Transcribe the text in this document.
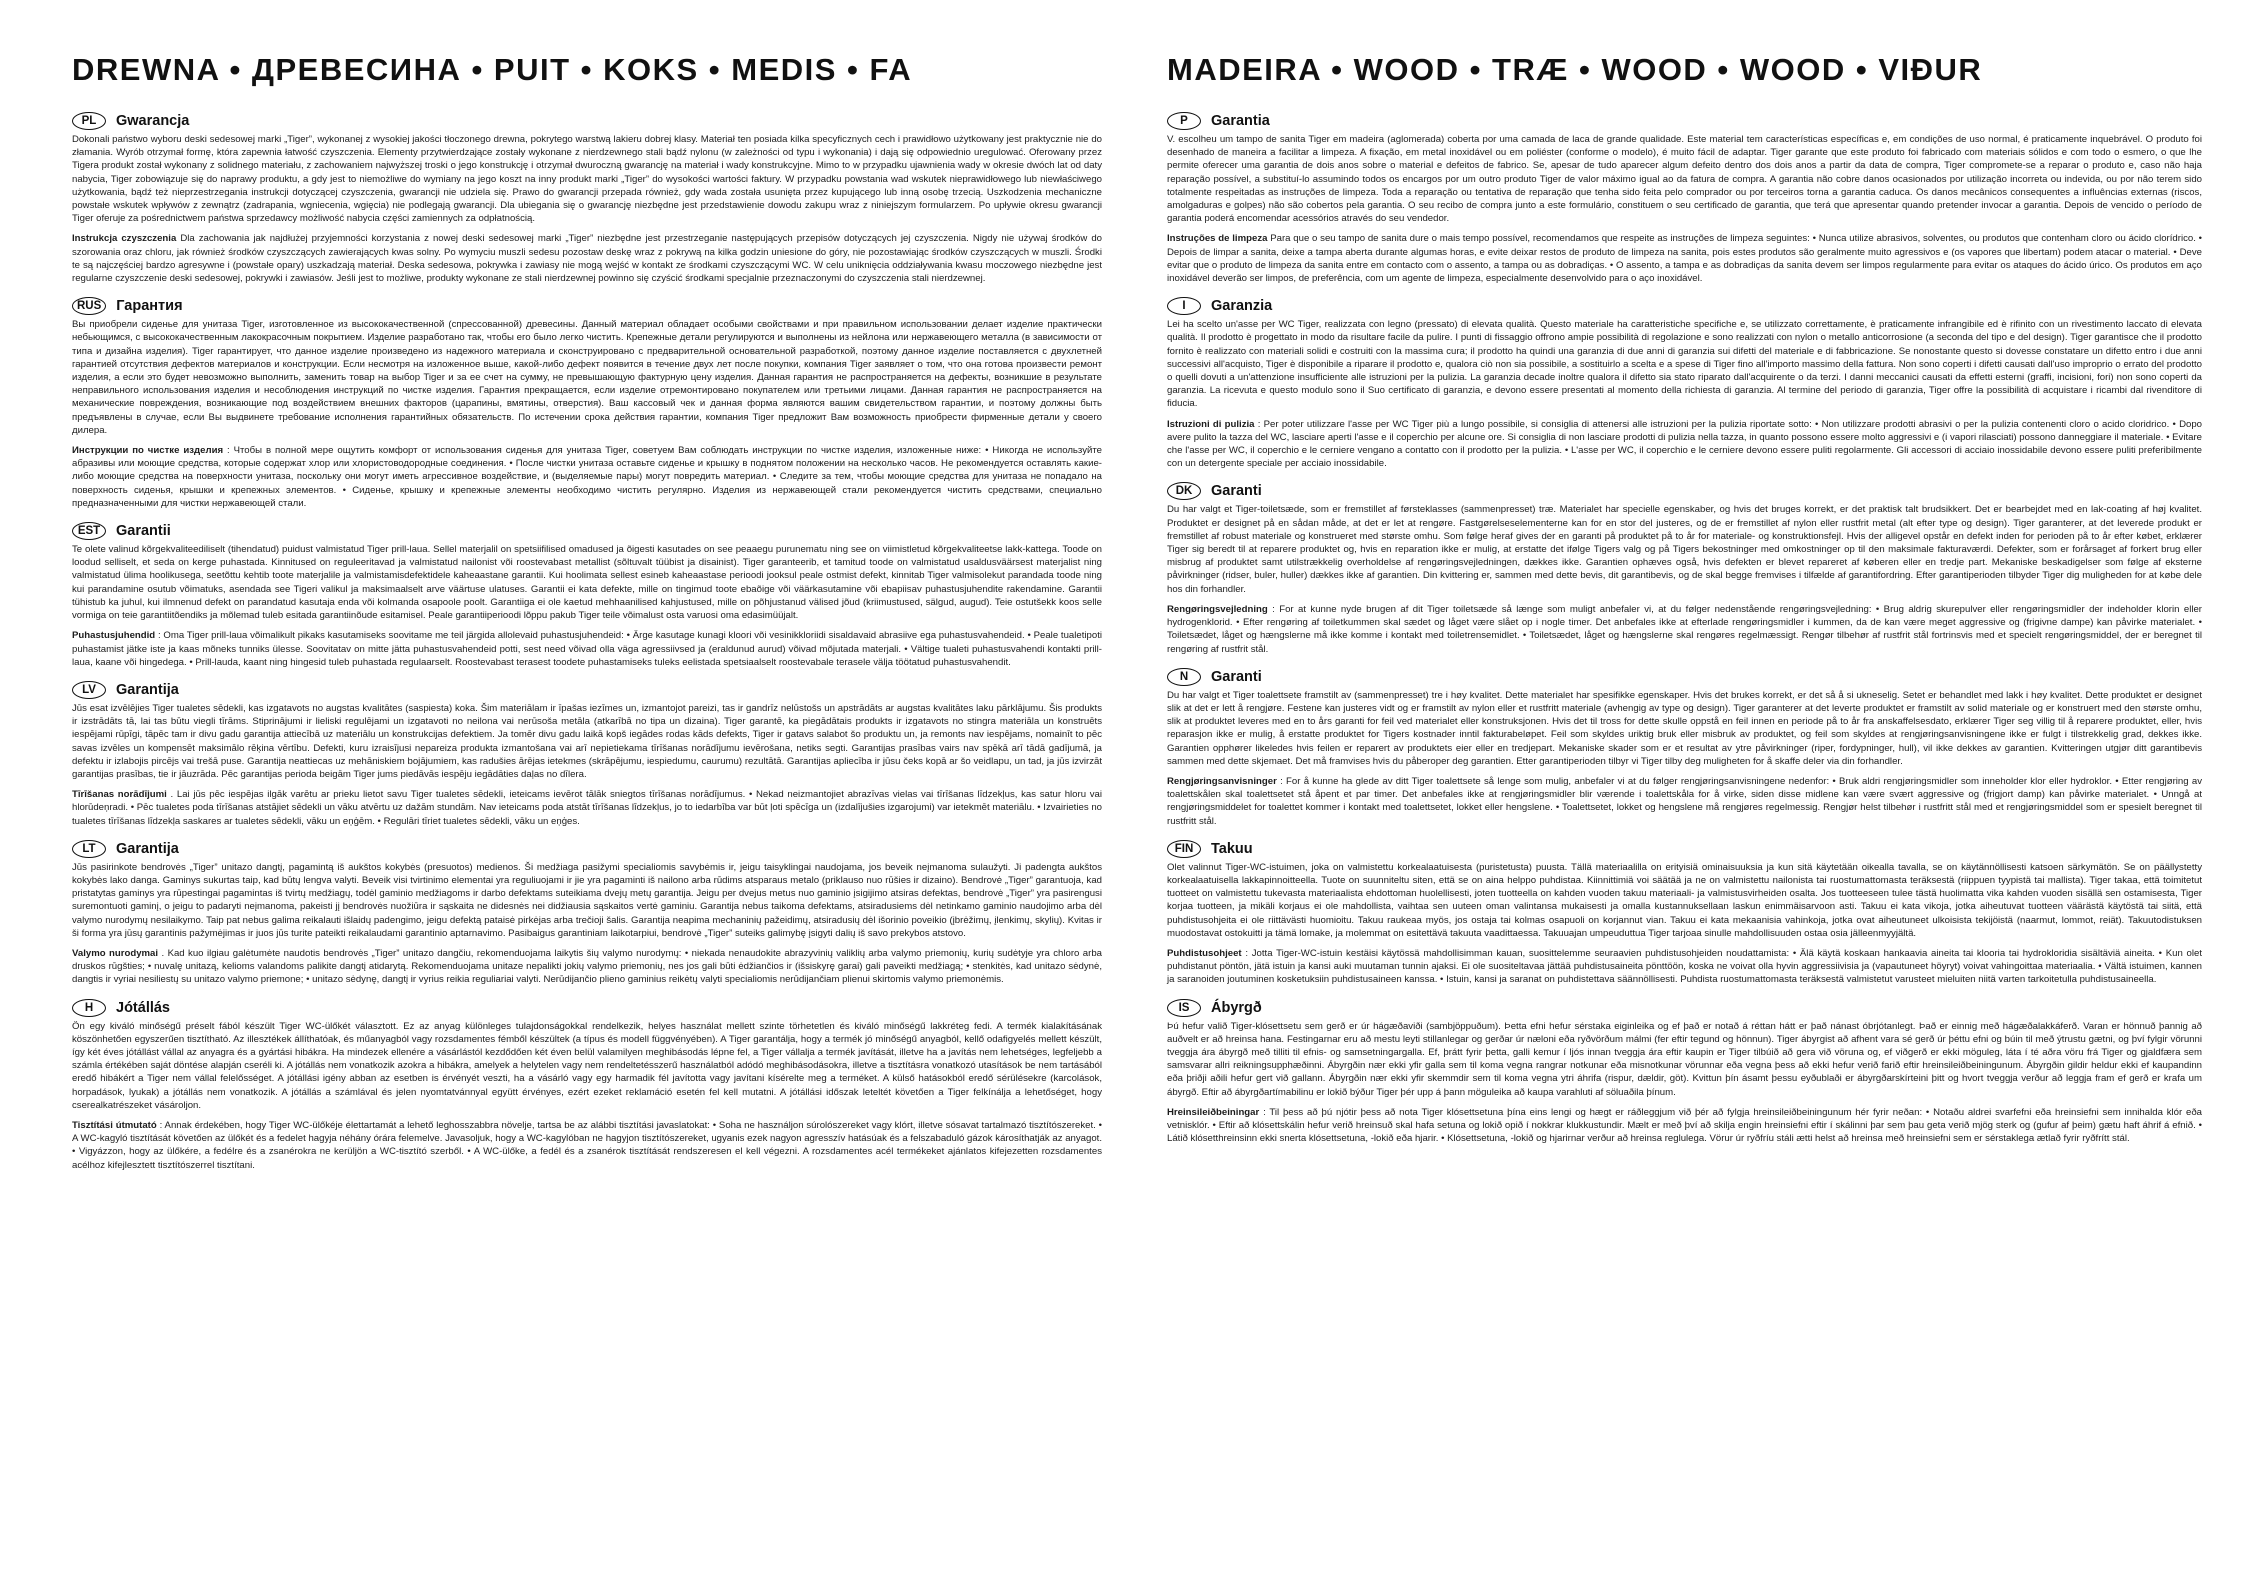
DREWNA • ДРЕВЕСИНА • PUIT • KOKS • MEDIS • FA
PL	Gwarancja

Dokonali państwo wyboru deski sedesowej marki „Tiger”, wykonanej z wysokiej jakości tłoczonego drewna, pokrytego warstwą lakieru dobrej klasy. Materiał ten posiada kilka specyficznych cech i prawidłowo użytkowany jest praktycznie nie do złamania. Wyrób otrzymał formę, która zapewnia łatwość czyszczenia. Elementy przytwierdzające zostały wykonane z nierdzewnego stali bądź nylonu (w zależności od typu i wykonania) i dają się odpowiednio uregulować. Oferowany przez Tigera produkt został wykonany z solidnego materiału, z zachowaniem najwyższej troski o jego konstrukcję i otrzymał dwuroczną gwarancję na materiał i wady konstrukcyjne. Mimo to w przypadku ujawnienia wady w okresie dwóch lat od daty nabycia, Tiger zobowiązuje się do naprawy produktu, a gdy jest to niemożliwe do wymiany na jego koszt na inny produkt marki „Tiger” do wysokości wartości faktury. W przypadku powstania wad wskutek nieprawidłowego lub niewłaściwego użytkowania, bądź też nieprzestrzegania instrukcji dotyczącej czyszczenia, gwarancji nie udziela się. Prawo do gwarancji przepada również, gdy wada została usunięta przez kupującego lub inną osobę trzecią. Uszkodzenia mechaniczne powstałe wskutek wpływów z zewnątrz (zadrapania, wgniecenia, wgięcia) nie podlegają gwarancji. Dla ubiegania się o gwarancję niezbędne jest przedstawienie dowodu zakupu wraz z niniejszym formularzem. Po upływie okresu gwarancji Tiger oferuje za pośrednictwem państwa sprzedawcy możliwość nabycia części zamiennych za odpłatnością.

Instrukcja czyszczenia Dla zachowania jak najdłużej przyjemności korzystania z nowej deski sedesowej marki „Tiger” niezbędne jest przestrzeganie następujących przepisów dotyczących jej czyszczenia. Nigdy nie używaj środków do szorowania oraz chloru, jak również środków czyszczących zawierających kwas solny. Po wymyciu muszli sedesu pozostaw deskę wraz z pokrywą na kilka godzin uniesione do góry, nie pozostawiając środków czyszczących w muszli. Środki te są najczęściej bardzo agresywne i (powstałe opary) uszkadzają materiał. Deska sedesowa, pokrywka i zawiasy nie mogą wejść w kontakt ze środkami czyszczącymi WC. W celu uniknięcia oddziaływania kwasu moczowego niezbędne jest regularne czyszczenie deski sedesowej, pokrywki i zawiasów. Jeśli jest to możliwe, produkty wykonane ze stali nierdzewnej powinno się czyścić środkami specjalnie przeznaczonymi do czyszczenia stali nierdzewnej.

RUS	Гарантия

Вы приобрели сиденье для унитаза Tiger, изготовленное из высококачественной (спрессованной) древесины. Данный материал обладает особыми свойствами и при правильном использовании делает изделие практически небьющимся, с высококачественным лакокрасочным покрытием. Изделие разработано так, чтобы его было легко чистить. Крепежные детали регулируются и выполнены из нейлона или нержавеющего металла (в зависимости от типа и дизайна изделия). Tiger гарантирует, что данное изделие произведено из надежного материала и сконструировано с предварительной основательной разработкой, поэтому данное изделие поставляется с двухлетней гарантией отсутствия дефектов материалов и конструкции. Если несмотря на изложенное выше, какой-либо дефект появится в течение двух лет после покупки, компания Tiger заявляет о том, что она готова произвести ремонт изделия, а если это будет невозможно выполнить, заменить товар на выбор Tiger и за ее счет на сумму, не превышающую фактурную цену изделия. Данная гарантия не распространяется на дефекты, возникшие в результате неправильного использования изделия и несоблюдения инструкций по чистке изделия. Гарантия прекращается, если изделие отремонтировано покупателем или третьими лицами. Данная гарантия не распространяется на механические повреждения, возникающие под воздействием внешних факторов (царапины, вмятины, отверстия). Ваш кассовый чек и данная форма являются вашим свидетельством гарантии, и поэтому должны быть предъявлены в случае, если Вы выдвинете требование исполнения гарантийных обязательств. По истечении срока действия гарантии, компания Tiger предложит Вам возможность приобрести фирменные детали у своего дилера.

Инструкции по чистке изделия : Чтобы в полной мере ощутить комфорт от использования сиденья для унитаза Tiger, советуем Вам соблюдать инструкции по чистке изделия, изложенные ниже: • Никогда не используйте абразивы или моющие средства, которые содержат хлор или хлористоводородные соединения. • После чистки унитаза оставьте сиденье и крышку в поднятом положении на несколько часов. Не рекомендуется оставлять какие-либо моющие средства на поверхности унитаза, поскольку они могут иметь агрессивное воздействие, и (выделяемые пары) могут повредить материал. • Следите за тем, чтобы моющие средства для унитаза не попадало на поверхность сиденья, крышки и крепежных элементов. • Сиденье, крышку и крепежные элементы необходимо чистить регулярно. Изделия из нержавеющей стали рекомендуется чистить средствами, специально предназначенными для чистки нержавеющей стали.

EST	Garantii

Te olete valinud kõrgekvaliteediliselt (tihendatud) puidust valmistatud Tiger prill-laua. Sellel materjalil on spetsiifilised omadused ja õigesti kasutades on see peaaegu purunematu ning see on viimistletud kõrgekvaliteetse lakk-kattega. Toode on loodud selliselt, et seda on kerge puhastada. Kinnitused on reguleeritavad ja valmistatud nailonist või roostevabast metallist (sõltuvalt tüübist ja disainist). Tiger garanteerib, et tamitud toode on valmistatud usaldusväärsest materjalist ning valmistatud ülima hoolikusega, seetõttu kehtib toote materjalile ja valmistamisdefektidele kaheaastane garantii. Kui hoolimata sellest esineb kaheaastase perioodi jooksul peale ostmist defekt, kinnitab Tiger valmisolekut parandada toode ning kui parandamine osutub võimatuks, asendada see Tigeri valikul ja maksimaalselt arve väärtuse ulatuses. Garantii ei kata defekte, mille on tingimud toote ebaõige või väärkasutamine või ebapiisav puhastusjuhendite rakendamine. Garantii tühistub ka juhul, kui ilmnenud defekt on parandatud kasutaja enda või kolmanda osapoole poolt. Garantiiga ei ole kaetud mehhaanilised kahjustused, mille on põhjustanud välised jõud (kriimustused, sälgud, augud). Teie ostutšekk koos selle vormiga on teie garantiitõendiks ja mõlemad tuleb esitada garantiinõude esitamisel. Peale garantiiperioodi lõppu pakub Tiger teile võimalust osta varuosi oma edasimüüjalt.

Puhastusjuhendid : Oma Tiger prill-laua võimalikult pikaks kasutamiseks soovitame me teil järgida allolevaid puhastusjuhendeid: • Ärge kasutage kunagi kloori või vesinikkloriidi sisaldavaid abrasiive ega puhastusvahendeid. • Peale tualetipoti puhastamist jätke iste ja kaas mõneks tunniks ülesse. Soovitatav on mitte jätta puhastusvahendeid potti, sest need võivad olla väga agressiivsed ja (eraldunud aurud) võivad mõjutada materjali. • Vältige tualeti puhastusvahendi kontakti prill-laua, kaane või hingedega. • Prill-lauda, kaant ning hingesid tuleb puhastada regulaarselt. Roostevabast terasest toodete puhastamiseks tuleks eelistada spetsiaalselt roostevabale terasele välja töötatud puhastusvahendit.

LV	Garantija

Jūs esat izvēlējies Tiger tualetes sēdekli, kas izgatavots no augstas kvalitātes (saspiesta) koka. Šim materiālam ir īpašas iezīmes un, izmantojot pareizi, tas ir gandrīz nelūstošs un apstrādāts ar augstas kvalitātes laku pārklājumu. Šis produkts ir izstrādāts tā, lai tas būtu viegli tīrāms. Stiprinājumi ir lieliski regulējami un izgatavoti no neilona vai nerūsoša metāla (atkarībā no tipa un dizaina). Tiger garantē, ka piegādātais produkts ir izgatavots no stingra materiāla un konstruēts iespējami rūpīgi, tāpēc tam ir divu gadu garantija attiecībā uz materiālu un konstrukcijas defektiem. Ja tomēr divu gadu laikā kopš iegādes rodas kāds defekts, Tiger ir gatavs salabot šo produktu un, ja remonts nav iespējams, nomainīt to pēc savas izvēles un kompensēt maksimālo rēķina vērtību. Defekti, kuru izraisījusi nepareiza produkta izmantošana vai arī nepietiekama tīrīšanas norādījumu ievērošana, netiks segti. Garantijas prasības vairs nav spēkā arī tādā gadījumā, ja defektu ir izlabojis pircējs vai trešā puse. Garantija neattiecas uz mehāniskiem bojājumiem, kas radušies ārējas ietekmes (skrāpējumu, iespiedumu, caurumu) rezultātā. Garantijas apliecība ir jūsu čeks kopā ar šo veidlapu, un tad, ja jūs izvirzāt garantijas prasības, tie ir jāuzrāda. Pēc garantijas perioda beigām Tiger jums piedāvās iespēju iegādāties daļas no dīlera.

Tīrīšanas norādījumi . Lai jūs pēc iespējas ilgāk varētu ar prieku lietot savu Tiger tualetes sēdekli, ieteicams ievērot tālāk sniegtos tīrīšanas norādījumus. • Nekad neizmantojiet abrazīvas vielas vai tīrīšanas līdzekļus, kas satur hloru vai hlorūdeņradi. • Pēc tualetes poda tīrīšanas atstājiet sēdekli un vāku atvērtu uz dažām stundām. Nav ieteicams poda atstāt tīrīšanas līdzekļus, jo to iedarbība var būt ļoti spēcīga un (izdalījušies izgarojumi) var ietekmēt materiālu. • Izvairieties no tualetes tīrīšanas līdzekļa saskares ar tualetes sēdekli, vāku un eņģēm. • Regulāri tīriet tualetes sēdekli, vāku un eņģes.

LT	Garantija

Jūs pasirinkote bendrovės „Tiger” unitazo dangtį, pagamintą iš aukštos kokybės (presuotos) medienos. Ši medžiaga pasižymi specialiomis savybėmis ir, jeigu taisyklingai naudojama, jos beveik neįmanoma sulaužyti. Ji padengta aukštos kokybės lako danga. Gaminys sukurtas taip, kad būtų lengva valyti. Beveik visi tvirtinimo elementai yra reguliuojami ir jie yra pagaminti iš nailono arba rūdims atsparaus metalo (priklauso nuo rūšies ir dizaino). Bendrovė „Tiger” garantuoja, kad pristatytas gaminys yra rūpestingai pagamintas iš tvirtų medžiagų, todėl gaminio medžiagoms ir darbo defektams suteikiama dvejų metų garantija. Jeigu per dvejus metus nuo gaminio įsigijimo atsiras defektas, bendrovė „Tiger” yra pasirengusi suremontuoti gaminį, o jeigu to padaryti neįmanoma, pakeisti jį bendrovės nuožiūra ir sąskaita ne didesnės nei didžiausia sąskaitos vertė gaminiu. Garantija nebus taikoma defektams, atsiradusiems dėl netinkamo gaminio naudojimo arba dėl valymo nurodymų nesilaikymo. Taip pat nebus galima reikalauti išlaidų padengimo, jeigu defektą pataisė pirkėjas arba trečioji šalis. Garantija neapima mechaninių pažeidimų, atsiradusių dėl išorinio poveikio (įbrėžimų, įlenkimų, skylių). Kvitas ir ši forma yra jūsų garantinis pažymėjimas ir juos jūs turite pateikti reikalaudami garantinio aptarnavimo. Pasibaigus garantiniam laikotarpiui, bendrovė „Tiger” suteiks galimybę įsigyti dalių iš savo prekybos atstovo.

Valymo nurodymai . Kad kuo ilgiau galėtumėte naudotis bendrovės „Tiger” unitazo dangčiu, rekomenduojama laikytis šių valymo nurodymų: • niekada nenaudokite abrazyvinių valiklių arba valymo priemonių, kurių sudėtyje yra chloro arba druskos rūgšties; • nuvalę unitazą, kelioms valandoms palikite dangtį atidarytą. Rekomenduojama unitaze nepalikti jokių valymo priemonių, nes jos gali būti ėdžiančios ir (išsiskyrę garai) gali paveikti medžiagą; • stenkitės, kad unitazo sėdynė, dangtis ir vyriai nesiliestų su unitazo valymo priemone; • unitazo sėdynę, dangtį ir vyrius reikia reguliariai valyti. Nerūdijančio plieno gaminius reikėtų valyti specialiomis nerūdijančiam plienui skirtomis valymo priemonėmis.

H	Jótállás

Ön egy kiváló minőségű préselt fából készült Tiger WC-ülőkét választott. Ez az anyag különleges tulajdonságokkal rendelkezik, helyes használat mellett szinte törhetetlen és kiváló minőségű lakkréteg fedi. A termék kialakításának köszönhetően egyszerűen tisztítható. Az illesztékek állíthatóak, és műanyagból vagy rozsdamentes fémből készültek (a típus és modell függvényében). A Tiger garantálja, hogy a termék jó minőségű anyagból, kellő odafigyelés mellett készült, így két éves jótállást vállal az anyagra és a gyártási hibákra. Ha mindezek ellenére a vásárlástól kezdődően két éven belül valamilyen meghibásodás lépne fel, a Tiger vállalja a termék javítását, illetve ha a javítás nem lehetséges, legfeljebb a számla értékében saját döntése alapján cseréli ki. A jótállás nem vonatkozik azokra a hibákra, amelyek a helytelen vagy nem rendeltetésszerű használatból adódó meghibásodásokra, illetve a tisztításra vonatkozó utasítások be nem tartásából eredő hibákért a Tiger nem vállal felelősséget. A jótállási igény abban az esetben is érvényét veszti, ha a vásárló vagy egy harmadik fél javította vagy javítani kísérelte meg a terméket. A külső hatásokból eredő sérülésekre (karcolások, horpadások, lyukak) a jótállás nem vonatkozik. A jótállás a számlával és jelen nyomtatvánnyal együtt érvényes, ezért ezeket reklamáció esetén fel kell mutatni. A jótállási időszak leteltét követően a Tiger felkínálja a lehetőséget, hogy cserealkatrészeket vásároljon.

Tisztítási útmutató : Annak érdekében, hogy Tiger WC-ülőkéje élettartamát a lehető leghosszabbra növelje, tartsa be az alábbi tisztítási javaslatokat: • Soha ne használjon súrolószereket vagy klórt, illetve sósavat tartalmazó tisztítószereket. • A WC-kagyló tisztítását követően az ülőkét és a fedelet hagyja néhány órára felemelve. Javasoljuk, hogy a WC-kagylóban ne hagyjon tisztítószereket, ugyanis ezek nagyon agresszív hatásúak és a felszabaduló gázok károsíthatják az anyagot. • Vigyázzon, hogy az ülőkére, a fedélre és a zsanérokra ne kerüljön a WC-tisztító szerből. • A WC-ülőke, a fedél és a zsanérok tisztítását rendszeresen el kell végezni. A rozsdamentes acél termékeket ajánlatos kifejezetten rozsdamentes acélhoz kifejlesztett tisztítószerrel tisztítani.

MADEIRA • WOOD • TRÆ • WOOD • WOOD • VIÐUR
P	Garantia

V. escolheu um tampo de sanita Tiger em madeira (aglomerada) coberta por uma camada de laca de grande qualidade. Este material tem características específicas e, em condições de uso normal, é praticamente inquebrável. O produto foi desenhado de maneira a facilitar a limpeza. A fixação, em metal inoxidável ou em poliéster (conforme o modelo), é muito fácil de adaptar. Tiger garante que este produto foi fabricado com materiais sólidos e com todo o esmero, o que lhe permite oferecer uma garantia de dois anos sobre o material e defeitos de fabrico. Se, apesar de tudo aparecer algum defeito dentro dos dois anos a partir da data de compra, Tiger compromete-se a reparar o produto e, caso não haja reparação possível, a substituí-lo assumindo todos os encargos por um outro produto Tiger de valor máximo igual ao da fatura de compra. A garantia não cobre danos ocasionados por utilização incorreta ou indevida, ou por não terem sido totalmente respeitadas as instruções de limpeza. Toda a reparação ou tentativa de reparação que tenha sido feita pelo comprador ou por terceiros torna a garantia caduca. Os danos mecânicos consequentes a influências externas (riscos, amolgaduras e golpes) não são cobertos pela garantia. O seu recibo de compra junto a este formulário, constituem o seu certificado de garantia, que terá que apresentar quando pretender invocar a garantia. Depois de vencido o período de garantia poderá encomendar acessórios através do seu vendedor.

Instruções de limpeza Para que o seu tampo de sanita dure o mais tempo possível, recomendamos que respeite as instruções de limpeza seguintes: • Nunca utilize abrasivos, solventes, ou produtos que contenham cloro ou ácido clorídrico. • Depois de limpar a sanita, deixe a tampa aberta durante algumas horas, e evite deixar restos de produto de limpeza na sanita, pois estes produtos são geralmente muito agressivos e (os vapores que libertam) podem atacar o material. • Deve evitar que o produto de limpeza da sanita entre em contacto com o assento, a tampa ou as dobradiças. • O assento, a tampa e as dobradiças da sanita devem ser limpos regularmente para evitar os ataques do ácido úrico. Os produtos em aço inoxidável deverão ser limpos, de preferência, com um agente de limpeza, especialmente desenvolvido para o aço inoxidável.

I	Garanzia

Lei ha scelto un'asse per WC Tiger, realizzata con legno (pressato) di elevata qualità. Questo materiale ha caratteristiche specifiche e, se utilizzato correttamente, è praticamente infrangibile ed è rifinito con un rivestimento laccato di elevata qualità. Il prodotto è progettato in modo da risultare facile da pulire. I punti di fissaggio offrono ampie possibilità di regolazione e sono realizzati con nylon o metallo anticorrosione (a seconda del tipo e del design). Tiger garantisce che il prodotto fornito è realizzato con materiali solidi e costruiti con la massima cura; il prodotto ha quindi una garanzia di due anni di garanzia sui difetti del materiale e di fabbricazione. Se nonostante questo si dovesse constatare un difetto entro i due anni successivi all'acquisto, Tiger è disponibile a riparare il prodotto e, qualora ciò non sia possibile, a sostituirlo a scelta e a spese di Tiger fino all'importo massimo della fattura. Non sono coperti i difetti causati dall'uso improprio o errato del prodotto o quelli dovuti a un'attenzione insufficiente alle istruzioni per la pulizia. La garanzia decade inoltre qualora il difetto sia stato riparato dall'acquirente o da terzi. I danni meccanici causati da effetti esterni (graffi, incisioni, fori) non sono coperti da garanzia. La ricevuta e questo modulo sono il Suo certificato di garanzia, e devono essere presentati al momento della richiesta di garanzia. Al termine del periodo di garanzia, Tiger offre la possibilità di acquistare i ricambi dal rivenditore di fiducia.

Istruzioni di pulizia : Per poter utilizzare l'asse per WC Tiger più a lungo possibile, si consiglia di attenersi alle istruzioni per la pulizia riportate sotto: • Non utilizzare prodotti abrasivi o per la pulizia contenenti cloro o acido cloridrico. • Dopo avere pulito la tazza del WC, lasciare aperti l'asse e il coperchio per alcune ore. Si consiglia di non lasciare prodotti di pulizia nella tazza, in quanto possono essere molto aggressivi e (i vapori rilasciati) possono danneggiare il materiale. • Evitare che l'asse per WC, il coperchio e le cerniere vengano a contatto con il prodotto per la pulizia. • L'asse per WC, il coperchio e le cerniere devono essere puliti regolarmente. Gli accessori di acciaio inossidabile devono essere puliti preferibilmente con un detergente speciale per acciaio inossidabile.

DK	Garanti

Du har valgt et Tiger-toiletsæde, som er fremstillet af førsteklasses (sammenpresset) træ. Materialet har specielle egenskaber, og hvis det bruges korrekt, er det praktisk talt brudsikkert. Det er bearbejdet med en lak-coating af høj kvalitet. Produktet er designet på en sådan måde, at det er let at rengøre. Fastgørelseselementerne kan for en stor del justeres, og de er fremstillet af nylon eller rustfrit metal (alt efter type og design). Tiger garanterer, at det leverede produkt er fremstillet af robust materiale og konstrueret med største omhu. Som følge heraf gives der en garanti på produktet på to år for materiale- og konstruktionsfejl. Hvis der alligevel opstår en defekt inden for perioden på to år efter købet, erklærer Tiger sig beredt til at reparere produktet og, hvis en reparation ikke er mulig, at erstatte det ifølge Tigers valg og på Tigers bekostninger med omkostninger op til den maksimale fakturaværdi. Defekter, som er forårsaget af forkert brug eller misbrug af produktet samt utilstrækkelig overholdelse af rengøringsvejledningen, dækkes ikke. Garantien ophæves også, hvis defekten er blevet repareret af køberen eller en tredje part. Mekaniske beskadigelser som følge af eksterne påvirkninger (ridser, buler, huller) dækkes ikke af garantien. Din kvittering er, sammen med dette bevis, dit garantibevis, og de skal begge fremvises i tilfælde af garantifordring. Efter garantiperioden tilbyder Tiger dig muligheden for at købe dele hos din forhandler.

Rengøringsvejledning : For at kunne nyde brugen af dit Tiger toiletsæde så længe som muligt anbefaler vi, at du følger nedenstående rengøringsvejledning: • Brug aldrig skurepulver eller rengøringsmidler der indeholder klorin eller hydrogenklorid. • Efter rengøring af toiletkummen skal sædet og låget være slået op i nogle timer. Det anbefales ikke at efterlade rengøringsmidler i kummen, da de kan være meget aggressive og (frigivne dampe) kan påvirke materialet. • Toiletsædet, låget og hængslerne må ikke komme i kontakt med toiletrensemidlet. • Toiletsædet, låget og hængslerne skal rengøres regelmæssigt. Rengør tilbehør af rustfrit stål fortrinsvis med et specielt rengøringsmiddel, der er beregnet til rengøring af rustfrit stål.

N	Garanti

Du har valgt et Tiger toalettsete framstilt av (sammenpresset) tre i høy kvalitet. Dette materialet har spesifikke egenskaper. Hvis det brukes korrekt, er det så å si ukneselig. Setet er behandlet med lakk i høy kvalitet. Dette produktet er designet slik at det er lett å rengjøre. Festene kan justeres vidt og er framstilt av nylon eller et rustfritt materiale (avhengig av type og design). Tiger garanterer at det leverte produktet er framstilt av solid materiale og er konstruert med den største omhu, slik at produktet leveres med en to års garanti for feil ved materialet eller konstruksjonen. Hvis det til tross for dette skulle oppstå en feil innen en periode på to år fra anskaffelsesdato, erklærer Tiger seg villig til å reparere produktet, eller, hvis reparasjon ikke er mulig, å erstatte produktet for Tigers kostnader inntil fakturabeløpet. Feil som skyldes uriktig bruk eller misbruk av produktet, og feil som skyldes at rengjøringsanvisningene ikke er fulgt i tilstrekkelig grad, dekkes ikke. Garantien opphører likeledes hvis feilen er reparert av produktets eier eller en tredjepart. Mekaniske skader som er et resultat av ytre påvirkninger (riper, fordypninger, hull), vil ikke dekkes av garantien. Kvitteringen utgjør ditt garantibevis sammen med dette skjemaet. Det må framvises hvis du påberoper deg garantien. Etter garantiperioden tilbyr vi Tiger tilby deg muligheten for å skaffe deler via din forhandler.

Rengjøringsanvisninger : For å kunne ha glede av ditt Tiger toalettsete så lenge som mulig, anbefaler vi at du følger rengjøringsanvisningene nedenfor: • Bruk aldri rengjøringsmidler som inneholder klor eller hydroklor. • Etter rengjøring av toalettskålen skal toalettsetet stå åpent et par timer. Det anbefales ikke at rengjøringsmidler blir værende i toalettskåla for å virke, siden disse midlene kan være svært aggressive og (frigjort damp) kan påvirke materialet. • Unngå at rengjøringsmiddelet for toalettet kommer i kontakt med toalettsetet, lokket eller hengslene. • Toalettsetet, lokket og hengslene må rengjøres regelmessig. Rengjør helst tilbehør i rustfritt stål med et rengjøringsmiddel som er spesielt beregnet til rustfritt stål.

FIN	Takuu

Olet valinnut Tiger-WC-istuimen, joka on valmistettu korkealaatuisesta (puristetusta) puusta. Tällä materiaalilla on erityisiä ominaisuuksia ja kun sitä käytetään oikealla tavalla, se on käytännöllisesti katsoen särkymätön. Se on päällystetty korkealaatuisella lakkapinnoitteella. Tuote on suunniteltu siten, että se on aina helppo puhdistaa. Kiinnittimiä voi säätää ja ne on valmistettu nailonista tai ruostumattomasta teräksestä (riippuen tyypistä tai mallista). Tiger takaa, että toimitetut tuotteet on valmistettu tukevasta materiaalista ehdottoman huolellisesti, joten tuotteella on kahden vuoden takuu materiaali- ja valmistusvirheiden osalta. Jos tuotteeseen tulee tästä huolimatta vika kahden vuoden sisällä sen ostamisesta, Tiger korjaa tuotteen, ja mikäli korjaus ei ole mahdollista, vaihtaa sen uuteen oman valintansa mukaisesti ja omalla kustannuksellaan laskun enimmäisarvoon asti. Takuu ei kata vikoja, jotka aiheutuvat tuotteen väärästä käytöstä tai siitä, että puhdistusohjeita ei ole riittävästi huomioitu. Takuu raukeaa myös, jos ostaja tai kolmas osapuoli on korjannut vian. Takuu ei kata mekaanisia vahinkoja, jotka ovat aiheutuneet ulkoisista tekijöistä (naarmut, lommot, reiät). Takuutodistuksen muodostavat ostokuitti ja tämä lomake, ja molemmat on esitettävä takuuta vaadittaessa. Takuuajan umpeuduttua Tiger tarjoaa sinulle mahdollisuuden ostaa osia jälleenmyyjältä.

Puhdistusohjeet : Jotta Tiger-WC-istuin kestäisi käytössä mahdollisimman kauan, suosittelemme seuraavien puhdistusohjeiden noudattamista: • Älä käytä koskaan hankaavia aineita tai klooria tai hydrokloridia sisältäviä aineita. • Kun olet puhdistanut pöntön, jätä istuin ja kansi auki muutaman tunnin ajaksi. Ei ole suositeltavaa jättää puhdistusaineita pönttöön, koska ne voivat olla hyvin aggressiivisia ja (vapautuneet höyryt) voivat vahingoittaa materiaalia. • Vältä istuimen, kannen ja saranoiden joutuminen kosketuksiin puhdistusaineen kanssa. • Istuin, kansi ja saranat on puhdistettava säännöllisesti. Puhdista ruostumattomasta teräksestä valmistetut varusteet mieluiten niitä varten tarkoitetulla puhdistusaineella.

IS	Ábyrgð

Þú hefur valið Tiger-klósettsetu sem gerð er úr hágæðaviði (sambjöppuðum). Þetta efni hefur sérstaka eiginleika og ef það er notað á réttan hátt er það nánast óbrjótanlegt. Það er einnig með hágæðalakkáferð. Varan er hönnuð þannig að auðvelt er að hreinsa hana. Festingarnar eru að mestu leyti stillanlegar og gerðar úr næloni eða ryðvörðum málmi (fer eftir tegund og hönnun). Tiger ábyrgist að afhent vara sé gerð úr þéttu efni og búin til með ýtrustu gætni, og því fylgir vörunni tveggja ára ábyrgð með tilliti til efnis- og samsetningargalla. Ef, þrátt fyrir þetta, galli kemur í ljós innan tveggja ára eftir kaupin er Tiger tilbúið að gera við vöruna og, ef viðgerð er ekki möguleg, láta í té aðra vöru frá Tiger og gjaldfæra sem samsvarar allri reikningsupphæðinni. Ábyrgðin nær ekki yfir galla sem til koma vegna rangrar notkunar eða misnotkunar vörunnar eða vegna þess að ekki hefur verið farið eftir hreinsileiðbeiningunum. Ábyrgðin gildir heldur ekki ef kaupandinn eða þriðji aðili hefur gert við gallann. Ábyrgðin nær ekki yfir skemmdir sem til koma vegna ytri áhrifa (rispur, dældir, göt). Kvittun þín ásamt þessu eyðublaði er ábyrgðarskírteini þitt og hvort tveggja verður að leggja fram ef gerð er krafa um ábyrgð. Eftir að ábyrgðartímabilinu er lokið býður Tiger þér upp á þann möguleika að kaupa varahluti af söluaðila þínum.

Hreinsileiðbeiningar : Til þess að þú njótir þess að nota Tiger klósettsetuna þína eins lengi og hægt er ráðleggjum við þér að fylgja hreinsileiðbeiningunum hér fyrir neðan: • Notaðu aldrei svarfefni eða hreinsiefni sem innihalda klór eða vetnisklór. • Eftir að klósettskálin hefur verið hreinsuð skal hafa setuna og lokið opið í nokkrar klukkustundir. Mælt er með því að skilja engin hreinsiefni eftir í skálinni þar sem þau geta verið mjög sterk og (gufur af þeim) gætu haft áhrif á efnið. • Látið klósetthreinsinn ekki snerta klósettsetuna, -lokið eða hjarir. • Klósettsetuna, -lokið og hjarirnar verður að hreinsa reglulega. Vörur úr ryðfríu stáli ætti helst að hreinsa með hreinsiefni sem er sérstaklega ætlað fyrir ryðfrítt stál.
